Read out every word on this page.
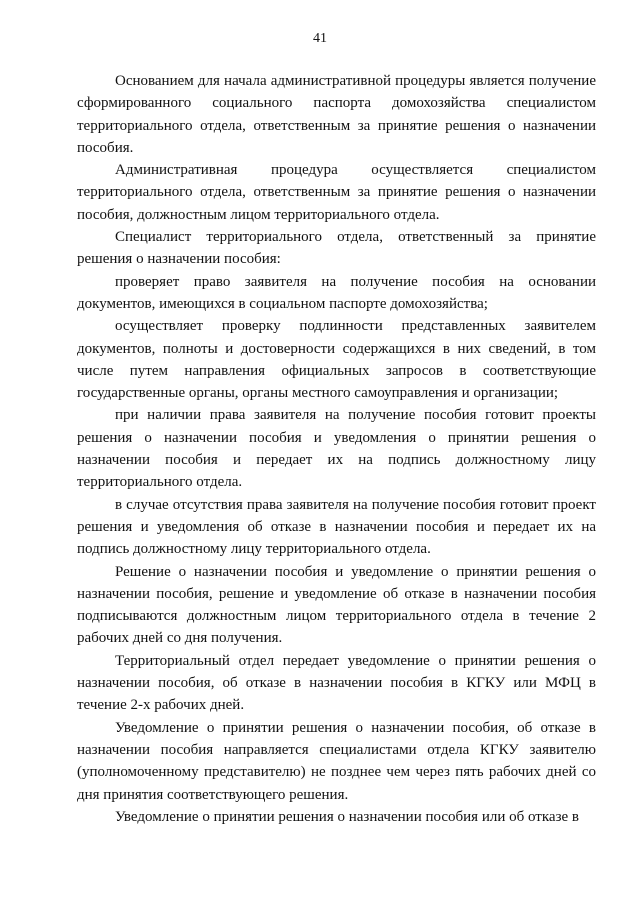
41

Основанием для начала административной процедуры является получение сформированного социального паспорта домохозяйства специалистом территориального отдела, ответственным за принятие решения о назначении пособия.

Административная процедура осуществляется специалистом территориального отдела, ответственным за принятие решения о назначении пособия, должностным лицом территориального отдела.

Специалист территориального отдела, ответственный за принятие решения о назначении пособия:

проверяет право заявителя на получение пособия на основании документов, имеющихся в социальном паспорте домохозяйства;

осуществляет проверку подлинности представленных заявителем документов, полноты и достоверности содержащихся в них сведений, в том числе путем направления официальных запросов в соответствующие государственные органы, органы местного самоуправления и организации;

при наличии права заявителя на получение пособия готовит проекты решения о назначении пособия и уведомления о принятии решения о назначении пособия и передает их на подпись должностному лицу территориального отдела.

в случае отсутствия права заявителя на получение пособия готовит проект решения и уведомления об отказе в назначении пособия и передает их на подпись должностному лицу территориального отдела.

Решение о назначении пособия и уведомление о принятии решения о назначении пособия, решение и уведомление об отказе в назначении пособия подписываются должностным лицом территориального отдела в течение 2 рабочих дней со дня получения.

Территориальный отдел передает уведомление о принятии решения о назначении пособия, об отказе в назначении пособия в КГКУ или МФЦ в течение 2-х рабочих дней.

Уведомление о принятии решения о назначении пособия, об отказе в назначении пособия направляется специалистами отдела КГКУ заявителю (уполномоченному представителю) не позднее чем через пять рабочих дней со дня принятия соответствующего решения.

Уведомление о принятии решения о назначении пособия или об отказе в
